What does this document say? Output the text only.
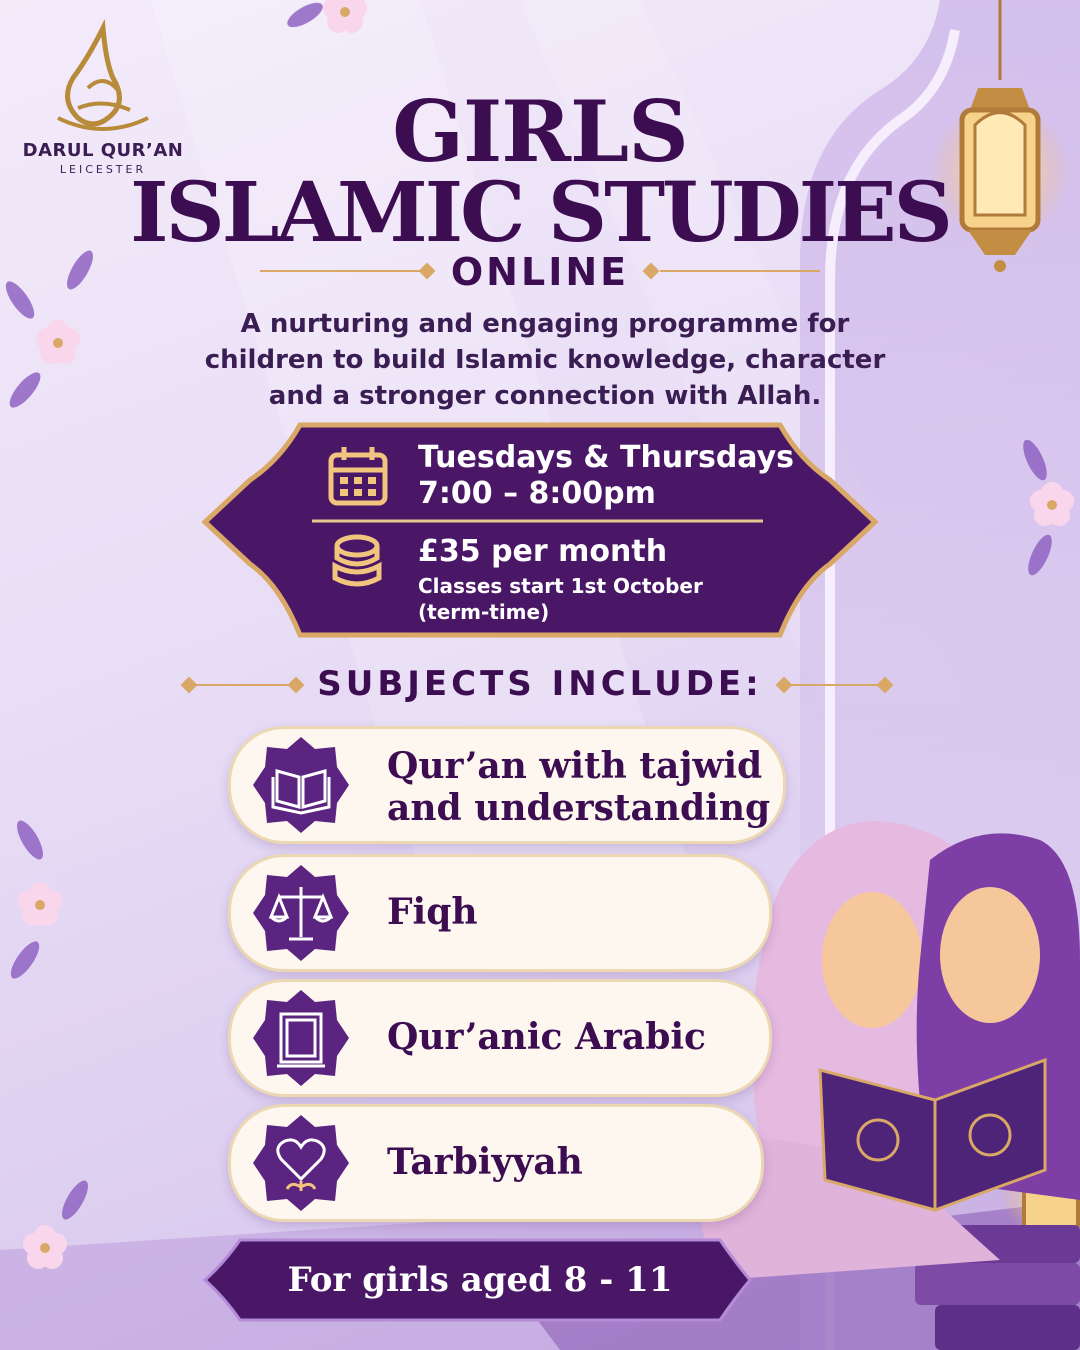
DARUL QUR’AN
LEICESTER	GIRLS
ISLAMIC STUDIES
ONLINE
A nurturing and engaging programme for children to build Islamic knowledge, character and a stronger connection with Allah.
Tuesdays & Thursdays
7:00 – 8:00pm
£35 per month
Classes start 1st October
(term-time)
SUBJECTS INCLUDE:
Qur’an with tajwid
and understanding
Fiqh
Qur’anic Arabic
Tarbiyyah
For girls aged 8 - 11
